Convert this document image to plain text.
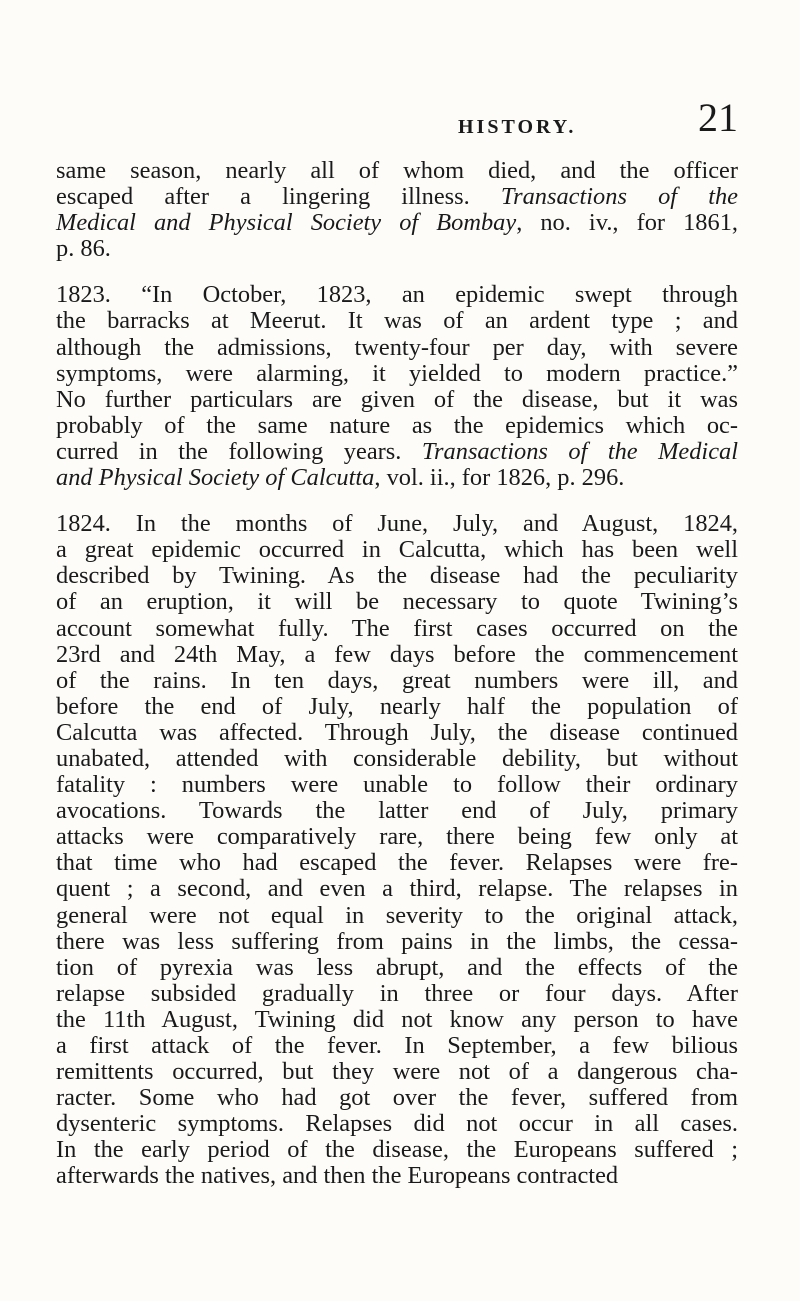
HISTORY.	21
same season, nearly all of whom died, and the officer
escaped after a lingering illness. Transactions of the
Medical and Physical Society of Bombay, no. iv., for 1861,
p. 86.
1823. “In October, 1823, an epidemic swept through
the barracks at Meerut. It was of an ardent type ; and
although the admissions, twenty-four per day, with severe
symptoms, were alarming, it yielded to modern practice.”
No further particulars are given of the disease, but it was
probably of the same nature as the epidemics which oc-
curred in the following years. Transactions of the Medical
and Physical Society of Calcutta, vol. ii., for 1826, p. 296.
1824. In the months of June, July, and August, 1824,
a great epidemic occurred in Calcutta, which has been well
described by Twining. As the disease had the peculiarity
of an eruption, it will be necessary to quote Twining’s
account somewhat fully. The first cases occurred on the
23rd and 24th May, a few days before the commencement
of the rains. In ten days, great numbers were ill, and
before the end of July, nearly half the population of
Calcutta was affected. Through July, the disease continued
unabated, attended with considerable debility, but without
fatality : numbers were unable to follow their ordinary
avocations. Towards the latter end of July, primary
attacks were comparatively rare, there being few only at
that time who had escaped the fever. Relapses were fre-
quent ; a second, and even a third, relapse. The relapses in
general were not equal in severity to the original attack,
there was less suffering from pains in the limbs, the cessa-
tion of pyrexia was less abrupt, and the effects of the
relapse subsided gradually in three or four days. After
the 11th August, Twining did not know any person to have
a first attack of the fever. In September, a few bilious
remittents occurred, but they were not of a dangerous cha-
racter. Some who had got over the fever, suffered from
dysenteric symptoms. Relapses did not occur in all cases.
In the early period of the disease, the Europeans suffered ;
afterwards the natives, and then the Europeans contracted
